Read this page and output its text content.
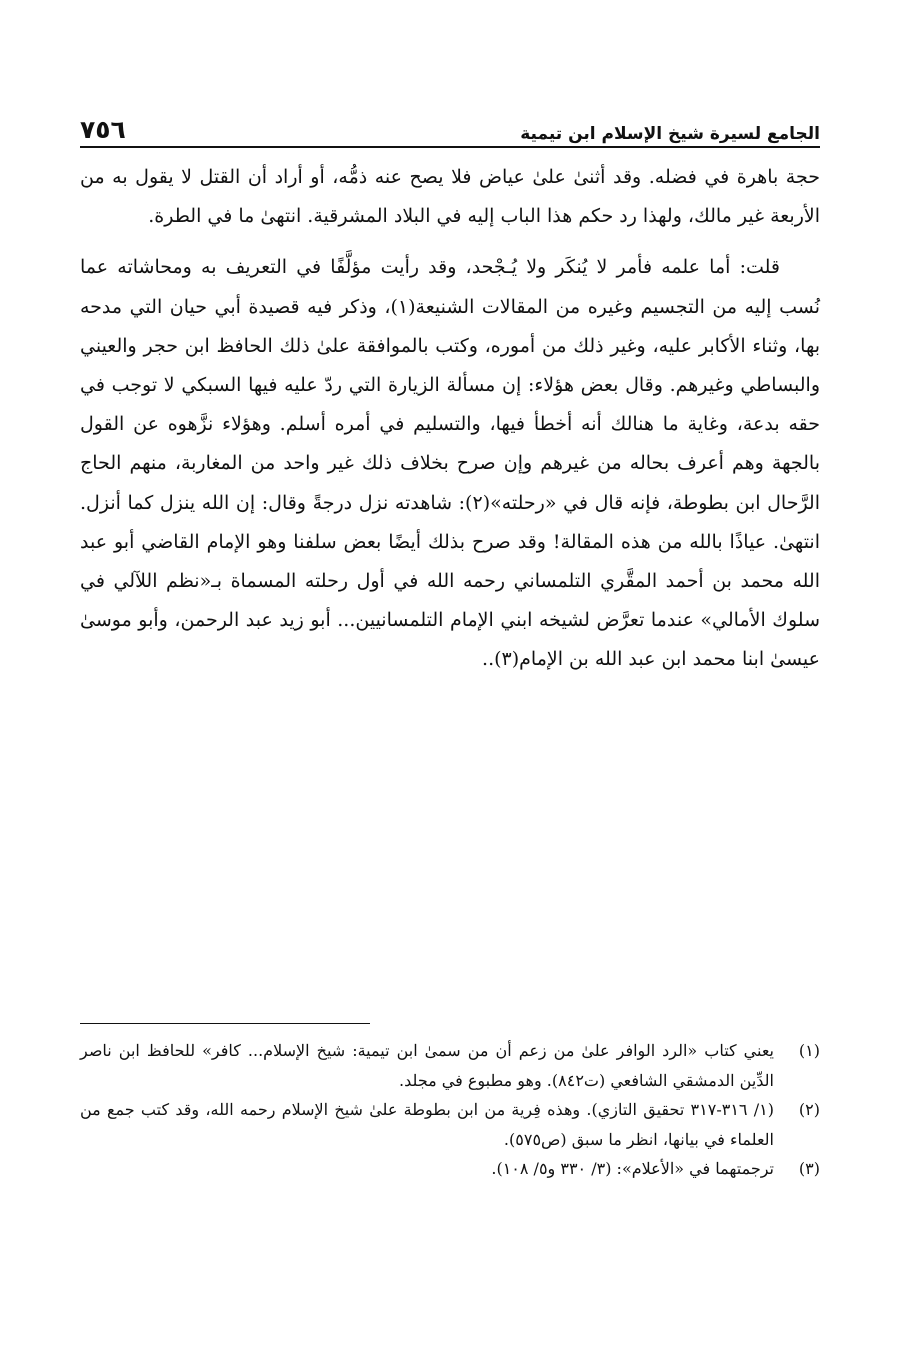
الجامع لسيرة شيخ الإسلام ابن تيمية
٧٥٦

حجة باهرة في فضله. وقد أثنىٰ علىٰ عياض فلا يصح عنه ذمُّه، أو أراد أن القتل لا يقول به من الأربعة غير مالك، ولهذا رد حكم هذا الباب إليه في البلاد المشرقية. انتهىٰ ما في الطرة.

قلت: أما علمه فأمر لا يُنكَر ولا يُـجْحد، وقد رأيت مؤلَّفًا في التعريف به ومحاشاته عما نُسب إليه من التجسيم وغيره من المقالات الشنيعة(١)، وذكر فيه قصيدة أبي حيان التي مدحه بها، وثناء الأكابر عليه، وغير ذلك من أموره، وكتب بالموافقة علىٰ ذلك الحافظ ابن حجر والعيني والبساطي وغيرهم. وقال بعض هؤلاء: إن مسألة الزيارة التي ردّ عليه فيها السبكي لا توجب في حقه بدعة، وغاية ما هنالك أنه أخطأ فيها، والتسليم في أمره أسلم. وهؤلاء نزَّهوه عن القول بالجهة وهم أعرف بحاله من غيرهم وإن صرح بخلاف ذلك غير واحد من المغاربة، منهم الحاج الرَّحال ابن بطوطة، فإنه قال في «رحلته»(٢): شاهدته نزل درجةً وقال: إن الله ينزل كما أنزل. انتهىٰ. عياذًا بالله من هذه المقالة! وقد صرح بذلك أيضًا بعض سلفنا وهو الإمام القاضي أبو عبد الله محمد بن أحمد المقَّري التلمساني رحمه الله في أول رحلته المسماة بـ«نظم اللآلي في سلوك الأمالي» عندما تعرَّض لشيخه ابني الإمام التلمسانيين... أبو زيد عبد الرحمن، وأبو موسىٰ عيسىٰ ابنا محمد ابن عبد الله بن الإمام(٣)..

(١)
يعني كتاب «الرد الوافر علىٰ من زعم أن من سمىٰ ابن تيمية: شيخ الإسلام... كافر» للحافظ ابن ناصر الدِّين الدمشقي الشافعي (ت٨٤٢). وهو مطبوع في مجلد.
(٢)
(١/ ٣١٦-٣١٧ تحقيق التازي). وهذه فِرية من ابن بطوطة علىٰ شيخ الإسلام رحمه الله، وقد كتب جمع من العلماء في بيانها، انظر ما سبق (ص٥٧٥).
(٣)
ترجمتهما في «الأعلام»: (٣/ ٣٣٠ و٥/ ١٠٨).
